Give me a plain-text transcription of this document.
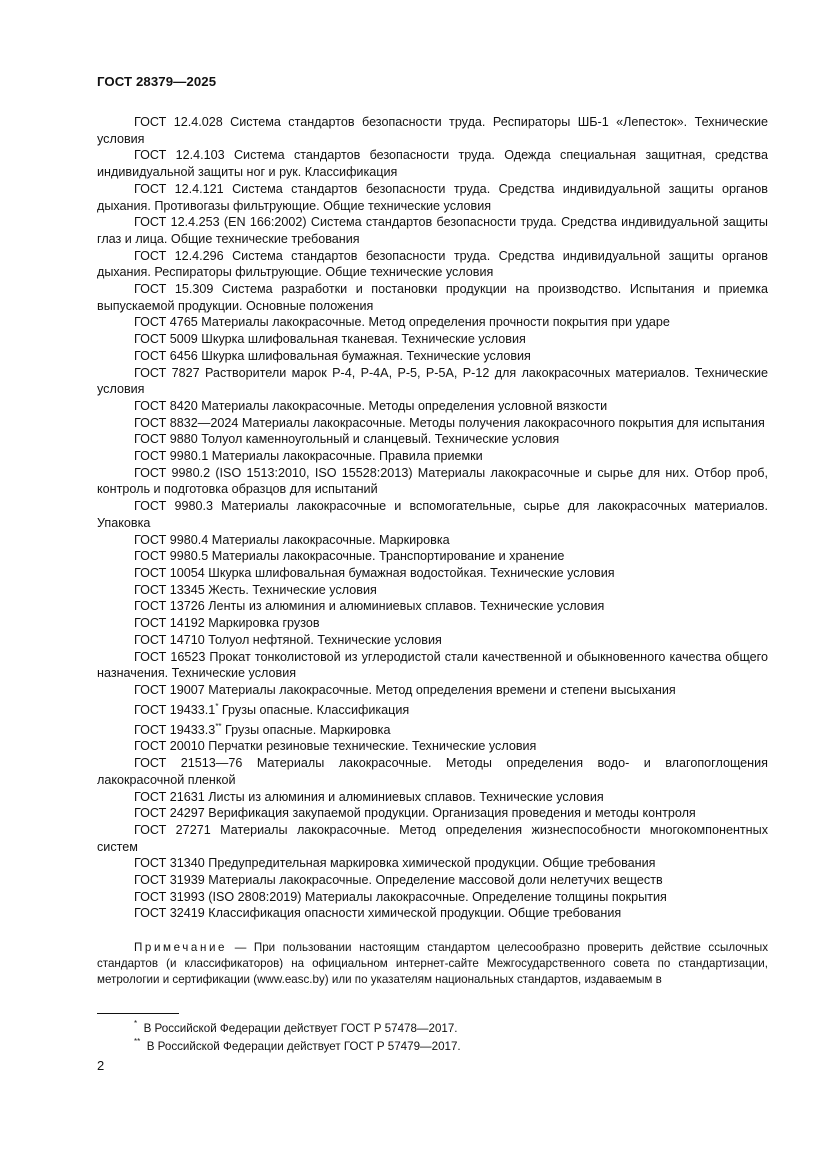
ГОСТ 28379—2025
ГОСТ 12.4.028 Система стандартов безопасности труда. Респираторы ШБ-1 «Лепесток». Технические условия
ГОСТ 12.4.103 Система стандартов безопасности труда. Одежда специальная защитная, средства индивидуальной защиты ног и рук. Классификация
ГОСТ 12.4.121 Система стандартов безопасности труда. Средства индивидуальной защиты органов дыхания. Противогазы фильтрующие. Общие технические условия
ГОСТ 12.4.253 (EN 166:2002) Система стандартов безопасности труда. Средства индивидуальной защиты глаз и лица. Общие технические требования
ГОСТ 12.4.296 Система стандартов безопасности труда. Средства индивидуальной защиты органов дыхания. Респираторы фильтрующие. Общие технические условия
ГОСТ 15.309 Система разработки и постановки продукции на производство. Испытания и приемка выпускаемой продукции. Основные положения
ГОСТ 4765 Материалы лакокрасочные. Метод определения прочности покрытия при ударе
ГОСТ 5009 Шкурка шлифовальная тканевая. Технические условия
ГОСТ 6456 Шкурка шлифовальная бумажная. Технические условия
ГОСТ 7827 Растворители марок Р-4, Р-4А, Р-5, Р-5А, Р-12 для лакокрасочных материалов. Технические условия
ГОСТ 8420 Материалы лакокрасочные. Методы определения условной вязкости
ГОСТ 8832—2024 Материалы лакокрасочные. Методы получения лакокрасочного покрытия для испытания
ГОСТ 9880 Толуол каменноугольный и сланцевый. Технические условия
ГОСТ 9980.1 Материалы лакокрасочные. Правила приемки
ГОСТ 9980.2 (ISO 1513:2010, ISO 15528:2013) Материалы лакокрасочные и сырье для них. Отбор проб, контроль и подготовка образцов для испытаний
ГОСТ 9980.3 Материалы лакокрасочные и вспомогательные, сырье для лакокрасочных материалов. Упаковка
ГОСТ 9980.4 Материалы лакокрасочные. Маркировка
ГОСТ 9980.5 Материалы лакокрасочные. Транспортирование и хранение
ГОСТ 10054 Шкурка шлифовальная бумажная водостойкая. Технические условия
ГОСТ 13345 Жесть. Технические условия
ГОСТ 13726 Ленты из алюминия и алюминиевых сплавов. Технические условия
ГОСТ 14192 Маркировка грузов
ГОСТ 14710 Толуол нефтяной. Технические условия
ГОСТ 16523 Прокат тонколистовой из углеродистой стали качественной и обыкновенного качества общего назначения. Технические условия
ГОСТ 19007 Материалы лакокрасочные. Метод определения времени и степени высыхания
ГОСТ 19433.1* Грузы опасные. Классификация
ГОСТ 19433.3** Грузы опасные. Маркировка
ГОСТ 20010 Перчатки резиновые технические. Технические условия
ГОСТ 21513—76 Материалы лакокрасочные. Методы определения водо- и влагопоглощения лакокрасочной пленкой
ГОСТ 21631 Листы из алюминия и алюминиевых сплавов. Технические условия
ГОСТ 24297 Верификация закупаемой продукции. Организация проведения и методы контроля
ГОСТ 27271 Материалы лакокрасочные. Метод определения жизнеспособности многокомпонентных систем
ГОСТ 31340 Предупредительная маркировка химической продукции. Общие требования
ГОСТ 31939 Материалы лакокрасочные. Определение массовой доли нелетучих веществ
ГОСТ 31993 (ISO 2808:2019) Материалы лакокрасочные. Определение толщины покрытия
ГОСТ 32419 Классификация опасности химической продукции. Общие требования
Примечание — При пользовании настоящим стандартом целесообразно проверить действие ссылочных стандартов (и классификаторов) на официальном интернет-сайте Межгосударственного совета по стандартизации, метрологии и сертификации (www.easc.by) или по указателям национальных стандартов, издаваемым в
* В Российской Федерации действует ГОСТ Р 57478—2017.
** В Российской Федерации действует ГОСТ Р 57479—2017.
2
